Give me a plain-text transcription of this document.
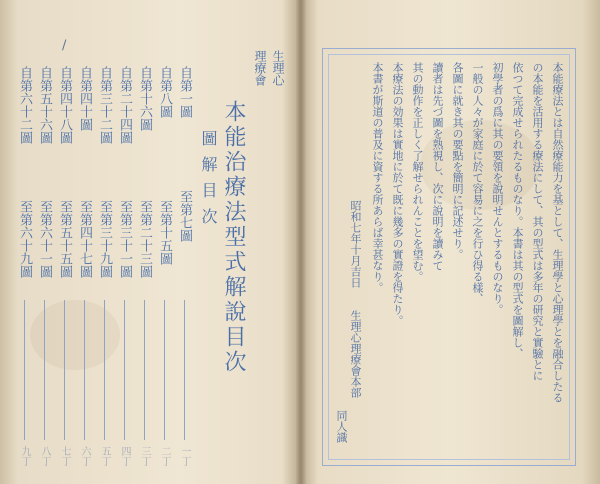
/
生理心
理療會
本能治療法型式解說目次
圖解目次
自第一圖
自第八圖
自第十六圖
自第二十四圖
自第三十二圖
自第四十圖
自第四十八圖
自第五十六圖
自第六十二圖
至第七圖
至第十五圖
至第二十三圖
至第三十一圖
至第三十九圖
至第四十七圖
至第五十五圖
至第六十一圖
至第六十九圖
一丁
二丁
三丁
四丁
五丁
六丁
七丁
八丁
九丁
本能療法とは自然療能力を基として、生理學と心理學とを融合したる
の本能を活用する療法にして、其の型式は多年の研究と實驗とに
依つて完成せられたるものなり。本書は其の型式を圖解し、
初學者の爲に其の要領を說明せんとするものなり。
一般の人々が家庭に於て容易に之を行ひ得る樣、
各圖に就き其の要點を簡明に記述せり。
讀者は先づ圖を熟視し、次に說明を讀みて
其の動作を正しく了解せられんことを望む。
本療法の効果は實地に於て既に幾多の實證を得たり。
本書が斯道の普及に資する所あらば幸甚なり。
昭和七年十月吉日
生理心理療會本部
同人識
